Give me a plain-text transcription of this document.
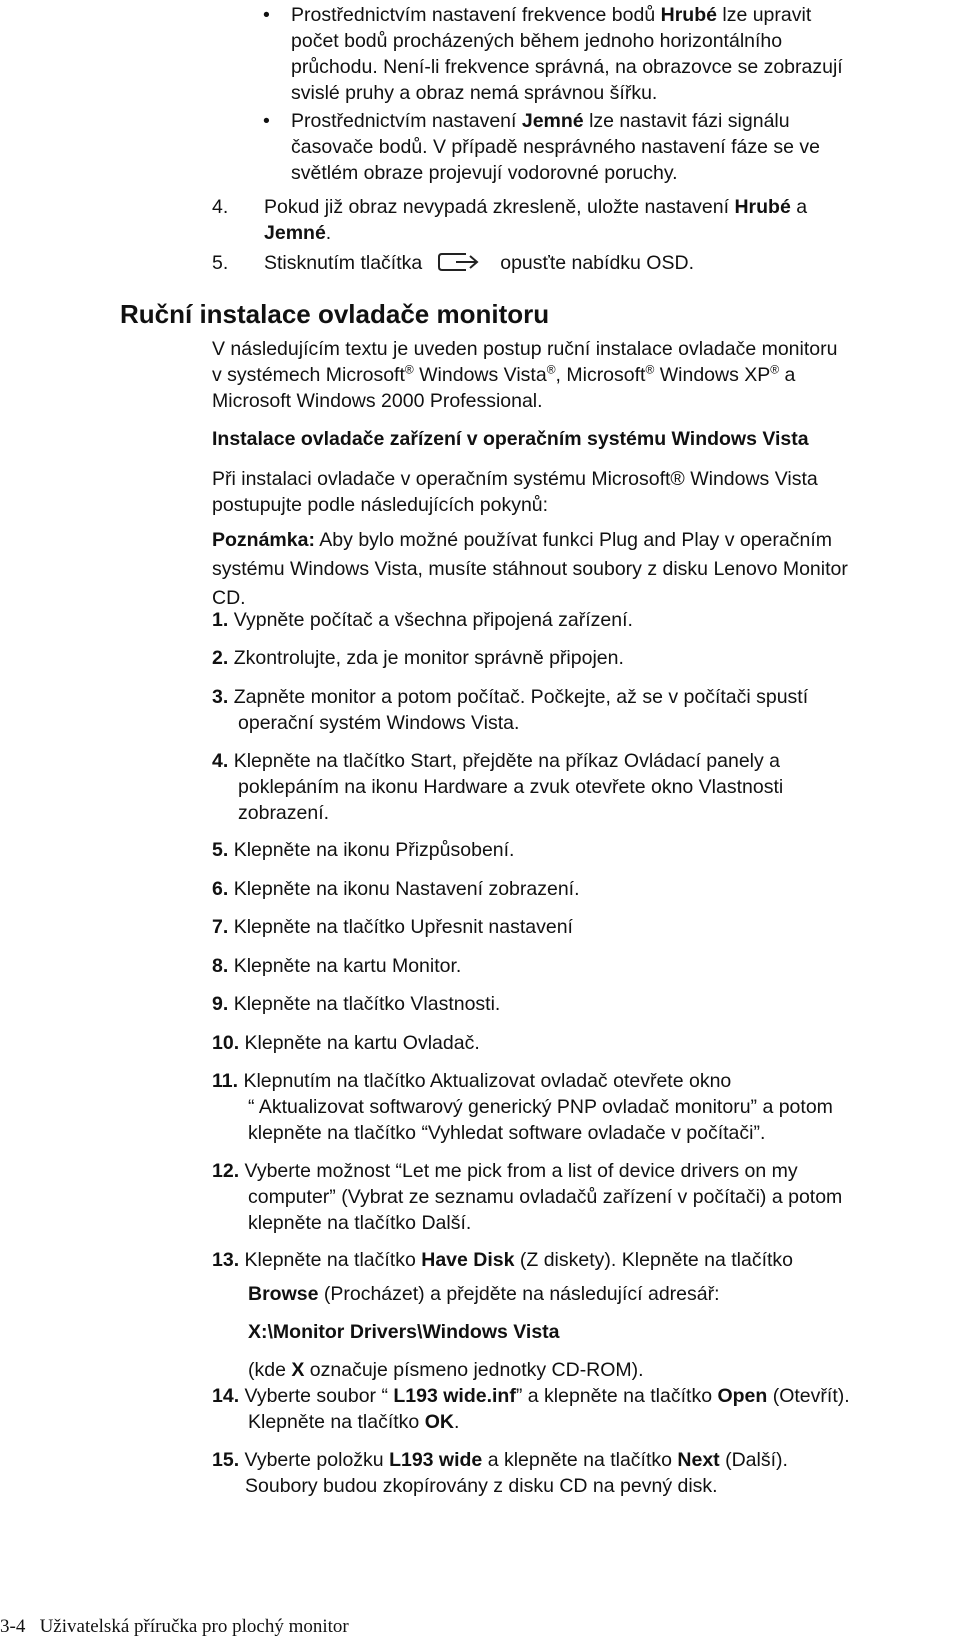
•	Prostřednictvím nastavení frekvence bodů Hrubé lze upravit
počet bodů procházených během jednoho horizontálního
průchodu. Není-li frekvence správná, na obrazovce se zobrazují
svislé pruhy a obraz nemá správnou šířku.
•	Prostřednictvím nastavení Jemné lze nastavit fázi signálu
časovače bodů. V případě nesprávného nastavení fáze se ve
světlém obraze projevují vodorovné poruchy.
4.	Pokud již obraz nevypadá zkresleně, uložte nastavení Hrubé a
Jemné.
5.	Stisknutím tlačítka	opusťte nabídku OSD.
Ruční instalace ovladače monitoru
V následujícím textu je uveden postup ruční instalace ovladače monitoru
v systémech Microsoft® Windows Vista®, Microsoft® Windows XP® a
Microsoft Windows 2000 Professional.
Instalace ovladače zařízení v operačním systému Windows Vista
Při instalaci ovladače v operačním systému Microsoft® Windows Vista
postupujte podle následujících pokynů:
Poznámka: Aby bylo možné používat funkci Plug and Play v operačním
systému Windows Vista, musíte stáhnout soubory z disku Lenovo Monitor
CD.
1. Vypněte počítač a všechna připojená zařízení.
2. Zkontrolujte, zda je monitor správně připojen.
3. Zapněte monitor a potom počítač. Počkejte, až se v počítači spustí
operační systém Windows Vista.
4. Klepněte na tlačítko Start, přejděte na příkaz Ovládací panely a
poklepáním na ikonu Hardware a zvuk otevřete okno Vlastnosti
zobrazení.
5. Klepněte na ikonu Přizpůsobení.
6. Klepněte na ikonu Nastavení zobrazení.
7. Klepněte na tlačítko Upřesnit nastavení
8. Klepněte na kartu Monitor.
9. Klepněte na tlačítko Vlastnosti.
10. Klepněte na kartu Ovladač.
11. Klepnutím na tlačítko Aktualizovat ovladač otevřete okno
“ Aktualizovat softwarový generický PNP ovladač monitoru” a potom
klepněte na tlačítko “Vyhledat software ovladače v počítači”.
12. Vyberte možnost “Let me pick from a list of device drivers on my
computer” (Vybrat ze seznamu ovladačů zařízení v počítači) a potom
klepněte na tlačítko Další.
13. Klepněte na tlačítko Have Disk (Z diskety). Klepněte na tlačítko
Browse (Procházet) a přejděte na následující adresář:
X:\Monitor Drivers\Windows Vista
(kde X označuje písmeno jednotky CD-ROM).
14. Vyberte soubor “ L193 wide.inf” a klepněte na tlačítko Open (Otevřít).
Klepněte na tlačítko OK.
15. Vyberte položku L193 wide a klepněte na tlačítko Next (Další).
Soubory budou zkopírovány z disku CD na pevný disk.
3-4 Uživatelská příručka pro plochý monitor
